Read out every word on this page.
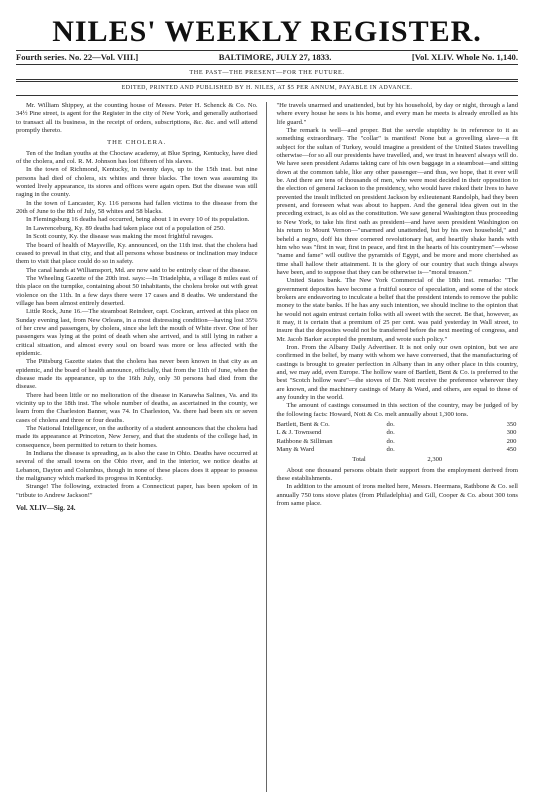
NILES' WEEKLY REGISTER.
Fourth series. No. 22—Vol. VIII.]	BALTIMORE, JULY 27, 1833.	[Vol. XLIV. Whole No. 1,140.
THE PAST—THE PRESENT—FOR THE FUTURE.
EDITED, PRINTED AND PUBLISHED BY H. NILES, AT $5 PER ANNUM, PAYABLE IN ADVANCE.

Mr. William Shippey, at the counting house of Messrs. Peter H. Schenck & Co. No. 34½ Pine street, is agent for the Register in the city of New York, and generally authorised to transact all its business, in the receipt of orders, subscriptions, &c. &c. and will attend promptly thereto.

THE CHOLERA.

Ten of the Indian youths at the Choctaw academy, at Blue Spring, Kentucky, have died of the cholera, and col. R. M. Johnson has lost fifteen of his slaves.

In the town of Richmond, Kentucky, in twenty days, up to the 15th inst. but nine persons had died of cholera, six whites and three blacks. The town was assuming its wonted lively appearance, its stores and offices were again open. But the disease was still raging in the county.

In the town of Lancaster, Ky. 116 persons had fallen victims to the disease from the 20th of June to the 8th of July, 58 whites and 58 blacks.

In Flemingsburg 16 deaths had occurred, being about 1 in every 10 of its population.

In Lawrenceburg, Ky. 89 deaths had taken place out of a population of 250.

In Scott county, Ky. the disease was making the most frightful ravages.

The board of health of Maysville, Ky. announced, on the 11th inst. that the cholera had ceased to prevail in that city, and that all persons whose business or inclination may induce them to visit that place could do so in safety.

The canal hands at Williamsport, Md. are now said to be entirely clear of the disease.

The Wheeling Gazette of the 20th inst. says:—In Triadelphia, a village 8 miles east of this place on the turnpike, containing about 50 inhabitants, the cholera broke out with great violence on the 11th. In a few days there were 17 cases and 8 deaths. We understand the village has been almost entirely deserted.

Little Rock, June 16.—The steamboat Reindeer, capt. Cockran, arrived at this place on Sunday evening last, from New Orleans, in a most distressing condition—having lost 35% of her crew and passengers, by cholera, since she left the mouth of White river. One of her passengers was lying at the point of death when she arrived, and is still lying in rather a critical situation, and almost every soul on board was more or less affected with the epidemic.

The Pittsburg Gazette states that the cholera has never been known in that city as an epidemic, and the board of health announce, officially, that from the 11th of June, when the disease made its appearance, up to the 16th July, only 30 persons had died from the disease.

There had been little or no melioration of the disease in Kanawha Salines, Va. and its vicinity up to the 18th inst. The whole number of deaths, as ascertained in the county, we learn from the Charleston Banner, was 74. In Charleston, Va. there had been six or seven cases of cholera and three or four deaths.

The National Intelligencer, on the authority of a student announces that the cholera had made its appearance at Princeton, New Jersey, and that the students of the college had, in consequence, been permitted to return to their homes.

In Indiana the disease is spreading, as is also the case in Ohio. Deaths have occurred at several of the small towns on the Ohio river, and in the interior, we notice deaths at Lebanon, Dayton and Columbus, though in none of these places does it appear to possess the malignancy which marked its progress in Kentucky.

Strange! The following, extracted from a Connecticut paper, has been spoken of in "tribute to Andrew Jackson!"

Vol. XLIV—Sig. 24.

"He travels unarmed and unattended, but by his household, by day or night, through a land where every house he sees is his home, and every man he meets is already enrolled as his life guard."

The remark is well—and proper. But the servile stupidity is in reference to it as something extraordinary. The "collar" is manifest! None but a grovelling slave—a fit subject for the sultan of Turkey, would imagine a president of the United States travelling otherwise—for so all our presidents have travelled, and, we trust in heaven! always will do. We have seen president Adams taking care of his own baggage in a steamboat—and sitting down at the common table, like any other passenger—and thus, we hope, that it ever will be. And there are tens of thousands of men, who were most decided in their opposition to the election of general Jackson to the presidency, who would have risked their lives to have prevented the insult inflicted on president Jackson by exlieutenant Randolph, had they been present, and foreseen what was about to happen. And the general idea given out in the preceding extract, is as old as the constitution. We saw general Washington thus proceeding to New York, to take his first oath as president—and have seen president Washington on his return to Mount Vernon—"unarmed and unattended, but by his own household," and beheld a negro, doff his three cornered revolutionary hat, and heartily shake hands with him who was "first in war, first in peace, and first in the hearts of his countrymen"—whose "name and fame" will outlive the pyramids of Egypt, and be more and more cherished as time shall hallow their attainment. It is the glory of our country that such things always have been, and to suppose that they can be otherwise is—"moral treason."

United States bank. The New York Commercial of the 18th inst. remarks: "The government deposites have become a fruitful source of speculation, and some of the stock brokers are endeavoring to inculcate a belief that the president intends to remove the public money to the state banks. If he has any such intention, we should incline to the opinion that he would not again entrust certain folks with all sweet with the secret. Be that, however, as it may, it is certain that a premium of 25 per cent. was paid yesterday in Wall street, to insure that the deposites would not be transferred before the next meeting of congress, and Mr. Jacob Barker accepted the premium, and wrote such policy."

Iron. From the Albany Daily Advertiser. It is not only our own opinion, but we are confirmed in the belief, by many with whom we have conversed, that the manufacturing of castings is brought to greater perfection in Albany than in any other place in this country, and, we may add, even Europe. The hollow ware of Bartlett, Bent & Co. is preferred to the best "Scotch hollow ware"—the stoves of Dr. Nott receive the preference wherever they are known, and the machinery castings of Many & Ward, and others, are equal to those of any foundry in the world.

The amount of castings consumed in this section of the country, may be judged of by the following facts: Howard, Nott & Co. melt annually about 1,300 tons.

Bartlett, Bent & Co.	do.	350
L & J. Townsend	do.	300
Rathbone & Silliman	do.	200
Many & Ward	do.	450
Total	2,300

About one thousand persons obtain their support from the employment derived from these establishments.

In addition to the amount of irons melted here, Messrs. Heermans, Rathbone & Co. sell annually 750 tons stove plates (from Philadelphia) and Gill, Cooper & Co. about 300 tons from same place.
